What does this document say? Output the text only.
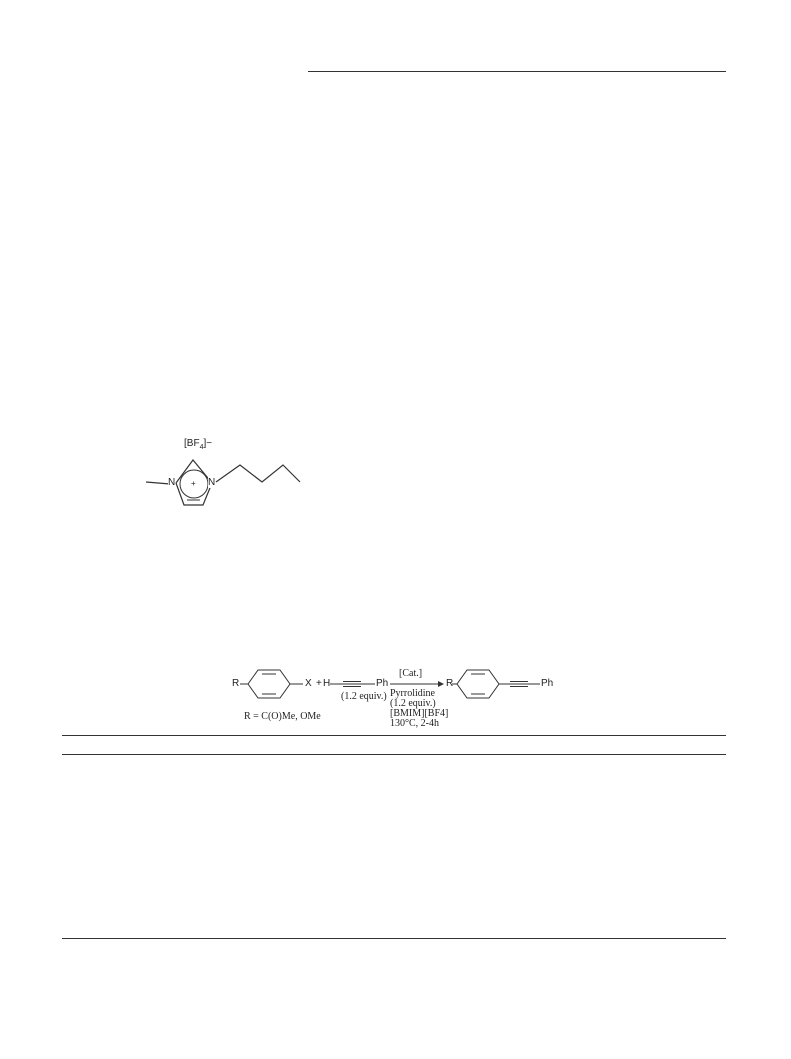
$[BF_4]-$
N	N
+
R	X + H	Ph
(1.2 equiv.)
R = C(O)Me, OMe
[Cat.]
Pyrrolidine
(1.2 equiv.)
[BMIM][BF4]
130°C, 2-4h
R	Ph
